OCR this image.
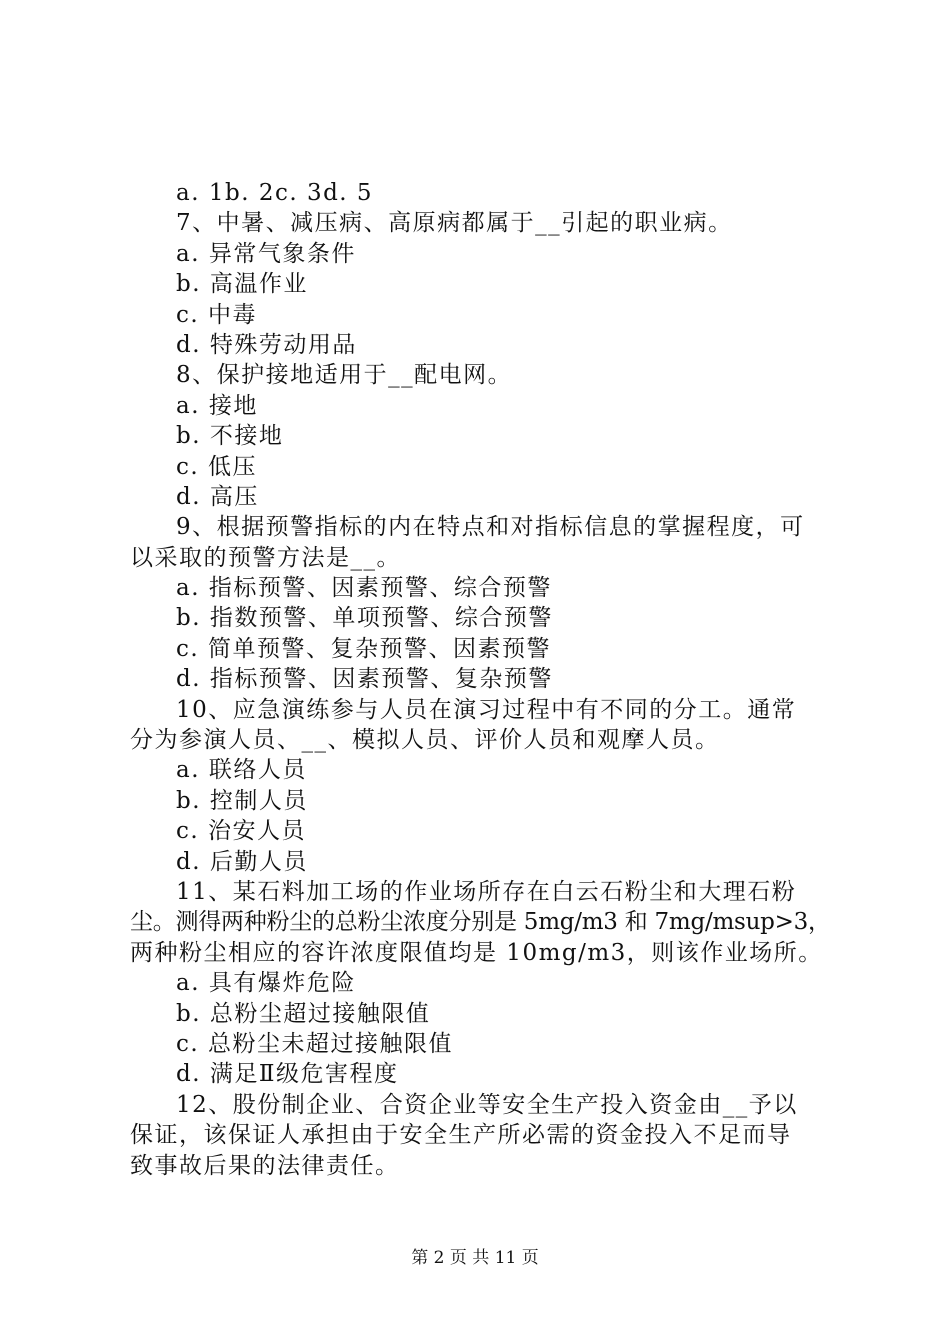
a. 1b. 2c. 3d. 5
7、中暑、减压病、高原病都属于__引起的职业病。
a. 异常气象条件
b. 高温作业
c. 中毒
d. 特殊劳动用品
8、保护接地适用于__配电网。
a. 接地
b. 不接地
c. 低压
d. 高压
9、根据预警指标的内在特点和对指标信息的掌握程度，可
以采取的预警方法是__。
a. 指标预警、因素预警、综合预警
b. 指数预警、单项预警、综合预警
c. 简单预警、复杂预警、因素预警
d. 指标预警、因素预警、复杂预警
10、应急演练参与人员在演习过程中有不同的分工。通常
分为参演人员、__、模拟人员、评价人员和观摩人员。
a. 联络人员
b. 控制人员
c. 治安人员
d. 后勤人员
11、某石料加工场的作业场所存在白云石粉尘和大理石粉
尘。测得两种粉尘的总粉尘浓度分别是 5mg/m3 和 7mg/msup>3，
两种粉尘相应的容许浓度限值均是 10mg/m3，则该作业场所。
a. 具有爆炸危险
b. 总粉尘超过接触限值
c. 总粉尘未超过接触限值
d. 满足Ⅱ级危害程度
12、股份制企业、合资企业等安全生产投入资金由__予以
保证，该保证人承担由于安全生产所必需的资金投入不足而导
致事故后果的法律责任。
第 2 页 共 11 页
